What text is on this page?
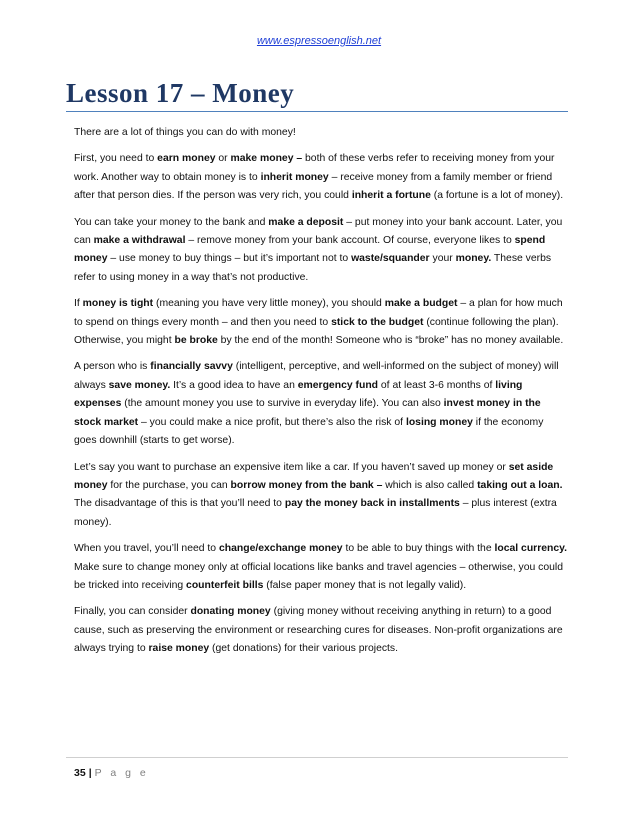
www.espressoenglish.net
Lesson 17 – Money

There are a lot of things you can do with money!

First, you need to earn money or make money – both of these verbs refer to receiving money from your work. Another way to obtain money is to inherit money – receive money from a family member or friend after that person dies. If the person was very rich, you could inherit a fortune (a fortune is a lot of money).

You can take your money to the bank and make a deposit – put money into your bank account. Later, you can make a withdrawal – remove money from your bank account. Of course, everyone likes to spend money – use money to buy things – but it’s important not to waste/squander your money. These verbs refer to using money in a way that’s not productive.

If money is tight (meaning you have very little money), you should make a budget – a plan for how much to spend on things every month – and then you need to stick to the budget (continue following the plan). Otherwise, you might be broke by the end of the month! Someone who is “broke” has no money available.

A person who is financially savvy (intelligent, perceptive, and well-informed on the subject of money) will always save money. It’s a good idea to have an emergency fund of at least 3-6 months of living expenses (the amount money you use to survive in everyday life). You can also invest money in the stock market – you could make a nice profit, but there’s also the risk of losing money if the economy goes downhill (starts to get worse).

Let’s say you want to purchase an expensive item like a car. If you haven’t saved up money or set aside money for the purchase, you can borrow money from the bank – which is also called taking out a loan. The disadvantage of this is that you’ll need to pay the money back in installments – plus interest (extra money).

When you travel, you’ll need to change/exchange money to be able to buy things with the local currency. Make sure to change money only at official locations like banks and travel agencies – otherwise, you could be tricked into receiving counterfeit bills (false paper money that is not legally valid).

Finally, you can consider donating money (giving money without receiving anything in return) to a good cause, such as preserving the environment or researching cures for diseases. Non-profit organizations are always trying to raise money (get donations) for their various projects.

35 | P a g e
